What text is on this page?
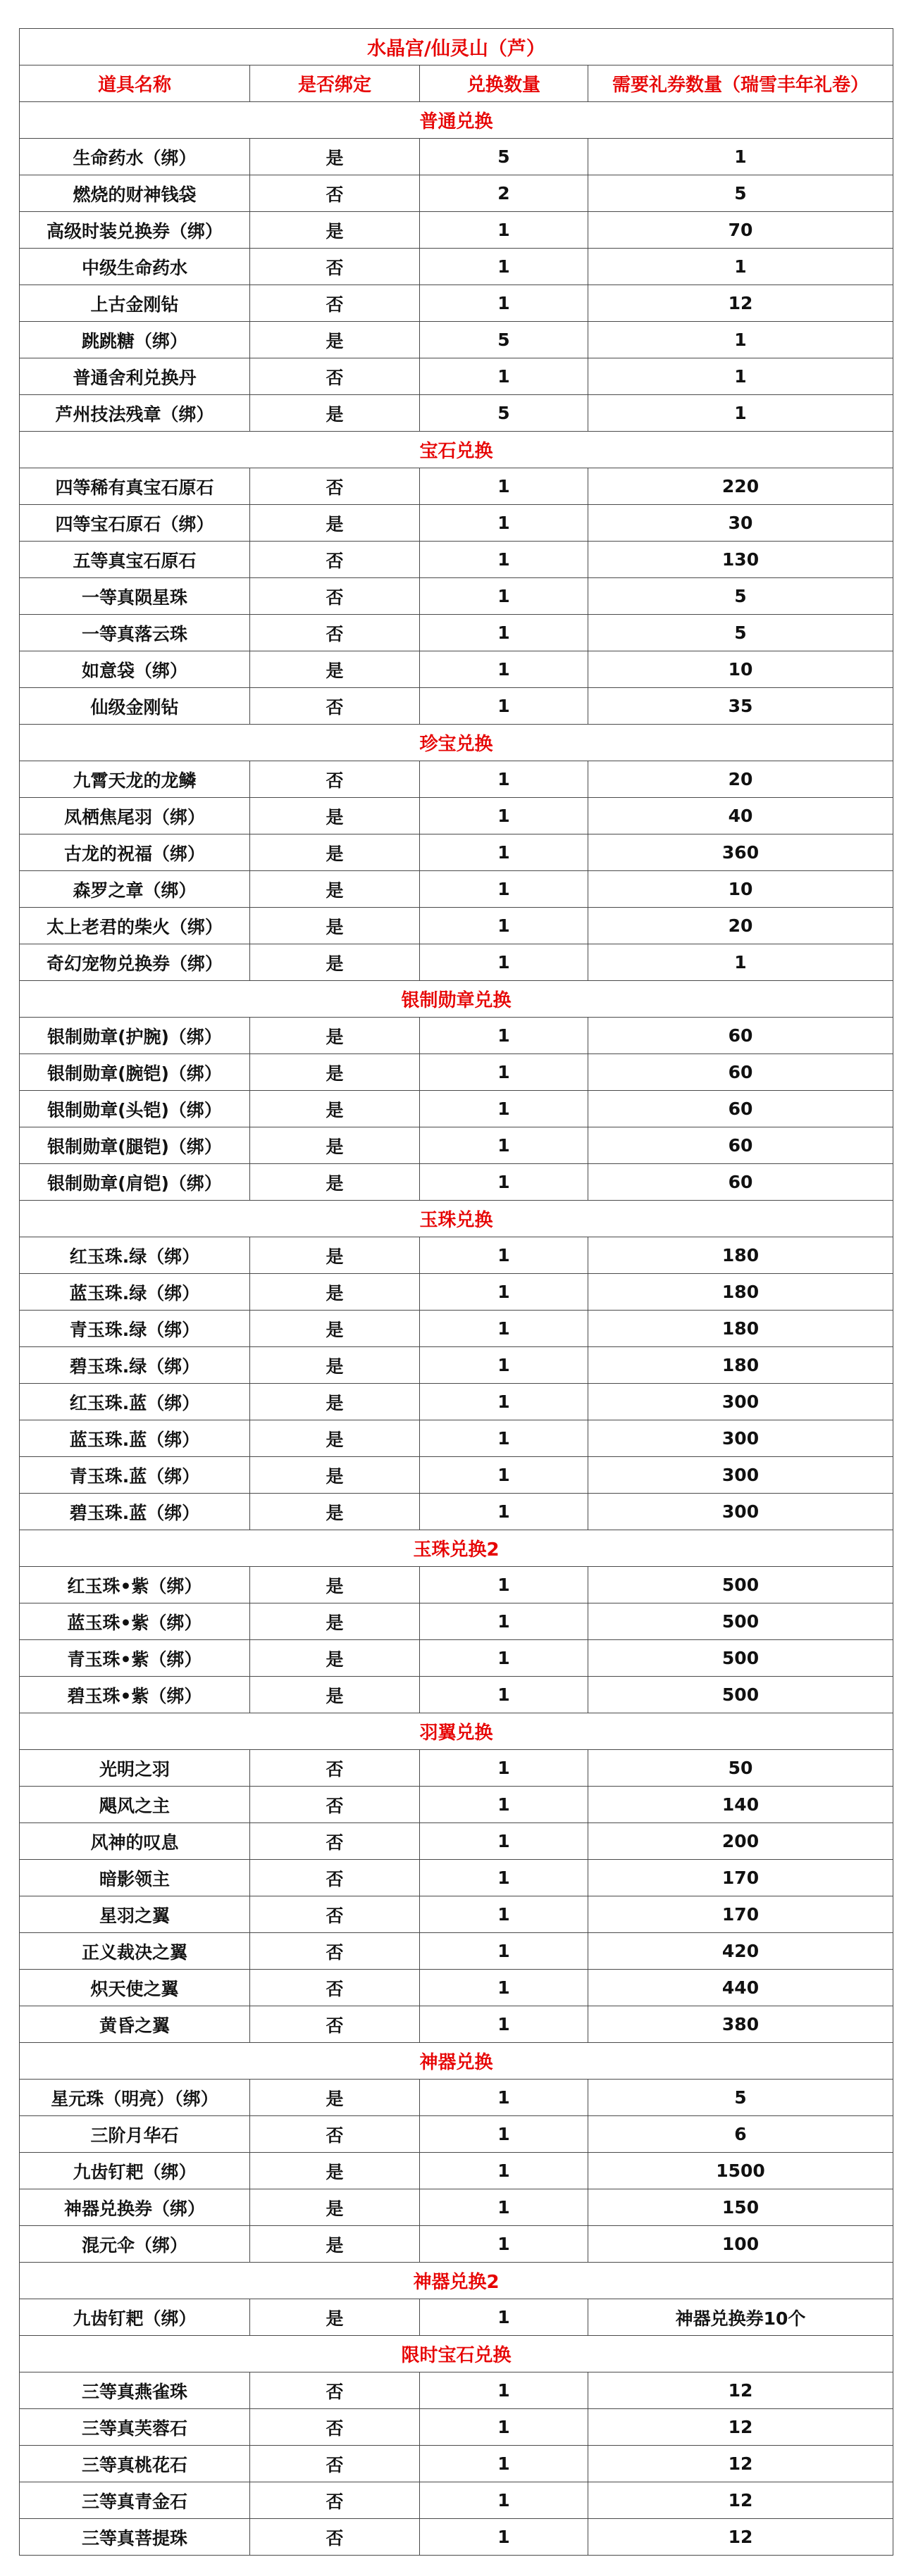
水晶宫/仙灵山（芦）			
道具名称	是否绑定	兑换数量	需要礼券数量（瑞雪丰年礼卷）
普通兑换			
生命药水（绑）	是	5	1
燃烧的财神钱袋	否	2	5
高级时装兑换券（绑）	是	1	70
中级生命药水	否	1	1
上古金刚钻	否	1	12
跳跳糖（绑）	是	5	1
普通舍利兑换丹	否	1	1
芦州技法残章（绑）	是	5	1
宝石兑换			
四等稀有真宝石原石	否	1	220
四等宝石原石（绑）	是	1	30
五等真宝石原石	否	1	130
一等真陨星珠	否	1	5
一等真落云珠	否	1	5
如意袋（绑）	是	1	10
仙级金刚钻	否	1	35
珍宝兑换			
九霄天龙的龙鳞	否	1	20
凤栖焦尾羽（绑）	是	1	40
古龙的祝福（绑）	是	1	360
森罗之章（绑）	是	1	10
太上老君的柴火（绑）	是	1	20
奇幻宠物兑换券（绑）	是	1	1
银制勋章兑换			
银制勋章(护腕)（绑）	是	1	60
银制勋章(腕铠)（绑）	是	1	60
银制勋章(头铠)（绑）	是	1	60
银制勋章(腿铠)（绑）	是	1	60
银制勋章(肩铠)（绑）	是	1	60
玉珠兑换			
红玉珠.绿（绑）	是	1	180
蓝玉珠.绿（绑）	是	1	180
青玉珠.绿（绑）	是	1	180
碧玉珠.绿（绑）	是	1	180
红玉珠.蓝（绑）	是	1	300
蓝玉珠.蓝（绑）	是	1	300
青玉珠.蓝（绑）	是	1	300
碧玉珠.蓝（绑）	是	1	300
玉珠兑换2			
红玉珠•紫（绑）	是	1	500
蓝玉珠•紫（绑）	是	1	500
青玉珠•紫（绑）	是	1	500
碧玉珠•紫（绑）	是	1	500
羽翼兑换			
光明之羽	否	1	50
飓风之主	否	1	140
风神的叹息	否	1	200
暗影领主	否	1	170
星羽之翼	否	1	170
正义裁决之翼	否	1	420
炽天使之翼	否	1	440
黄昏之翼	否	1	380
神器兑换			
星元珠（明亮）（绑）	是	1	5
三阶月华石	否	1	6
九齿钉耙（绑）	是	1	1500
神器兑换券（绑）	是	1	150
混元伞（绑）	是	1	100
神器兑换2			
九齿钉耙（绑）	是	1	神器兑换券10个
限时宝石兑换			
三等真燕雀珠	否	1	12
三等真芙蓉石	否	1	12
三等真桃花石	否	1	12
三等真青金石	否	1	12
三等真菩提珠	否	1	12
